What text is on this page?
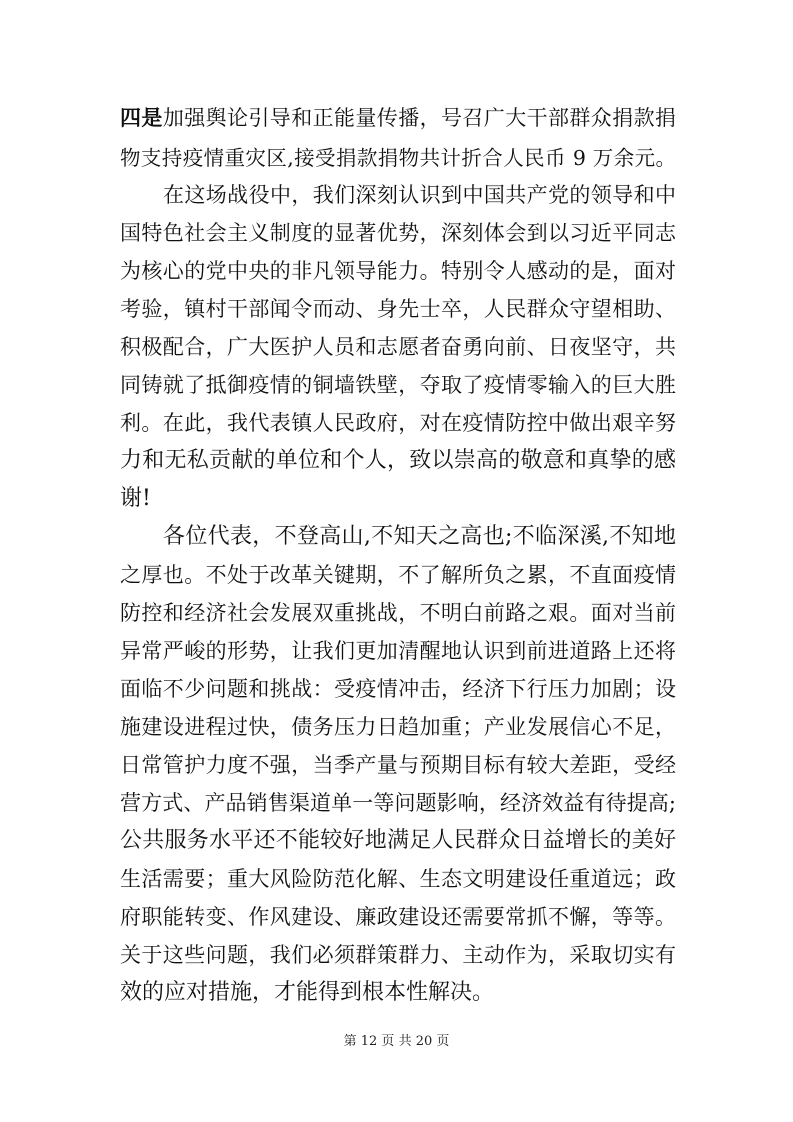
四是加强舆论引导和正能量传播，号召广大干部群众捐款捐
物支持疫情重灾区,接受捐款捐物共计折合人民币 9 万余元。
在这场战役中，我们深刻认识到中国共产党的领导和中
国特色社会主义制度的显著优势，深刻体会到以习近平同志
为核心的党中央的非凡领导能力。特别令人感动的是，面对
考验，镇村干部闻令而动、身先士卒，人民群众守望相助、
积极配合，广大医护人员和志愿者奋勇向前、日夜坚守，共
同铸就了抵御疫情的铜墙铁壁，夺取了疫情零输入的巨大胜
利。在此，我代表镇人民政府，对在疫情防控中做出艰辛努
力和无私贡献的单位和个人，致以崇高的敬意和真挚的感
谢!
各位代表，不登高山,不知天之高也;不临深溪,不知地
之厚也。不处于改革关键期，不了解所负之累，不直面疫情
防控和经济社会发展双重挑战，不明白前路之艰。面对当前
异常严峻的形势，让我们更加清醒地认识到前进道路上还将
面临不少问题和挑战：受疫情冲击，经济下行压力加剧；设
施建设进程过快，债务压力日趋加重；产业发展信心不足，
日常管护力度不强，当季产量与预期目标有较大差距，受经
营方式、产品销售渠道单一等问题影响，经济效益有待提高;
公共服务水平还不能较好地满足人民群众日益增长的美好
生活需要；重大风险防范化解、生态文明建设任重道远；政
府职能转变、作风建设、廉政建设还需要常抓不懈，等等。
关于这些问题，我们必须群策群力、主动作为，采取切实有
效的应对措施，才能得到根本性解决。
第 12 页 共 20 页
